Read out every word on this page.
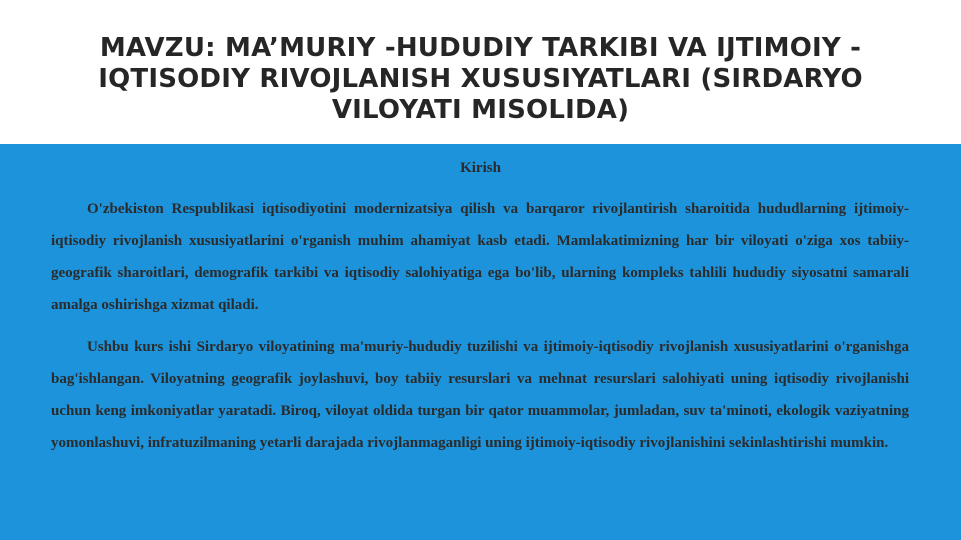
MAVZU: MA’MURIY -HUDUDIY TARKIBI VA IJTIMOIY -IQTISODIY RIVOJLANISH XUSUSIYATLARI (SIRDARYO VILOYATI MISOLIDA)
Kirish

O'zbekiston Respublikasi iqtisodiyotini modernizatsiya qilish va barqaror rivojlantirish sharoitida hududlarning ijtimoiy-iqtisodiy rivojlanish xususiyatlarini o'rganish muhim ahamiyat kasb etadi. Mamlakatimizning har bir viloyati o'ziga xos tabiiy-geografik sharoitlari, demografik tarkibi va iqtisodiy salohiyatiga ega bo'lib, ularning kompleks tahlili hududiy siyosatni samarali amalga oshirishga xizmat qiladi.

Ushbu kurs ishi Sirdaryo viloyatining ma'muriy-hududiy tuzilishi va ijtimoiy-iqtisodiy rivojlanish xususiyatlarini o'rganishga bag'ishlangan. Viloyatning geografik joylashuvi, boy tabiiy resurslari va mehnat resurslari salohiyati uning iqtisodiy rivojlanishi uchun keng imkoniyatlar yaratadi. Biroq, viloyat oldida turgan bir qator muammolar, jumladan, suv ta'minoti, ekologik vaziyatning yomonlashuvi, infratuzilmaning yetarli darajada rivojlanmaganligi uning ijtimoiy-iqtisodiy rivojlanishini sekinlashtirishi mumkin.
